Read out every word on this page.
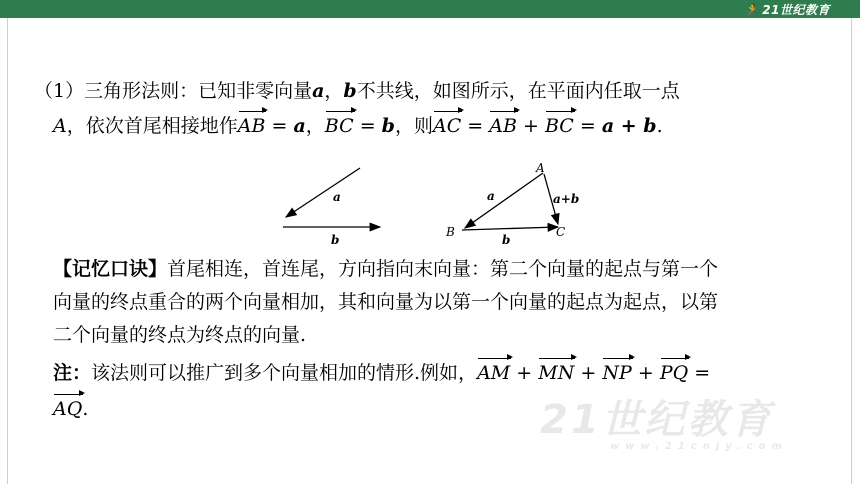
🏃 21世纪教育
（1）三角形法则：已知非零向量a，b不共线，如图所示，在平面内任取一点
A，依次首尾相接地作AB = a，BC = b，则AC = AB + BC = a + b.
a
b
A
B	C
a
b
a+b
【记忆口诀】首尾相连，首连尾，方向指向末向量：第二个向量的起点与第一个
向量的终点重合的两个向量相加，其和向量为以第一个向量的起点为起点，以第
二个向量的终点为终点的向量.
注：该法则可以推广到多个向量相加的情形.例如，AM + MN + NP + PQ =
AQ.	21世纪教育
www.21cnjy.com
